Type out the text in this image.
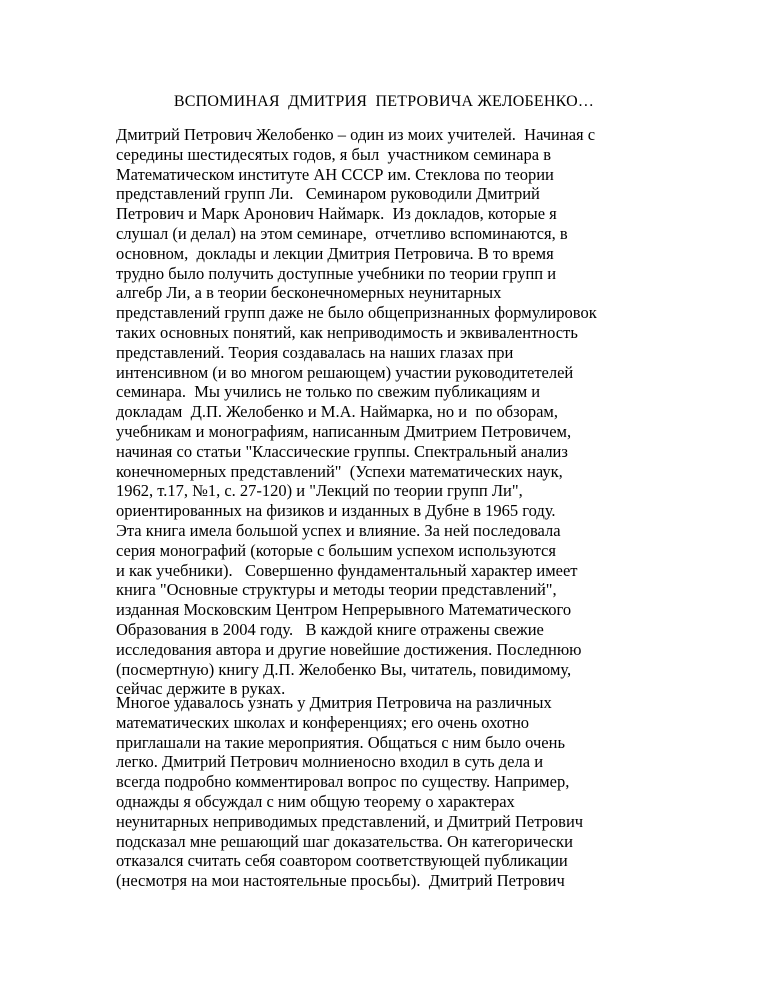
ВСПОМИНАЯ  ДМИТРИЯ  ПЕТРОВИЧА ЖЕЛОБЕНКО…
Дмитрий Петрович Желобенко – один из моих учителей.  Начиная с
середины шестидесятых годов, я был  участником семинара в
Математическом институте АН СССР им. Стеклова по теории
представлений групп Ли.   Семинаром руководили Дмитрий
Петрович и Марк Аронович Наймарк.  Из докладов, которые я
слушал (и делал) на этом семинаре,  отчетливо вспоминаются, в
основном,  доклады и лекции Дмитрия Петровича. В то время
трудно было получить доступные учебники по теории групп и
алгебр Ли, а в теории бесконечномерных неунитарных
представлений групп даже не было общепризнанных формулировок
таких основных понятий, как неприводимость и эквивалентность
представлений. Теория создавалась на наших глазах при
интенсивном (и во многом решающем) участии руководитетелей
семинара.  Мы учились не только по свежим публикациям и
докладам  Д.П. Желобенко и М.А. Наймарка, но и  по обзорам,
учебникам и монографиям, написанным Дмитрием Петровичем,
начиная со статьи "Классические группы. Спектральный анализ
конечномерных представлений"  (Успехи математических наук,
1962, т.17, №1, с. 27-120) и "Лекций по теории групп Ли",
ориентированных на физиков и изданных в Дубне в 1965 году.
Эта книга имела большой успех и влияние. За ней последовала
серия монографий (которые с большим успехом используются
и как учебники).   Совершенно фундаментальный характер имеет
книга "Основные структуры и методы теории представлений",
изданная Московским Центром Непрерывного Математического
Образования в 2004 году.   В каждой книге отражены свежие
исследования автора и другие новейшие достижения. Последнюю
(посмертную) книгу Д.П. Желобенко Вы, читатель, повидимому,
сейчас держите в руках.
Многое удавалось узнать у Дмитрия Петровича на различных
математических школах и конференциях; его очень охотно
приглашали на такие мероприятия. Общаться с ним было очень
легко. Дмитрий Петрович молниеносно входил в суть дела и
всегда подробно комментировал вопрос по существу. Например,
однажды я обсуждал с ним общую теорему о характерах
неунитарных неприводимых представлений, и Дмитрий Петрович
подсказал мне решающий шаг доказательства. Он категорически
отказался считать себя соавтором соответствующей публикации
(несмотря на мои настоятельные просьбы).  Дмитрий Петрович
